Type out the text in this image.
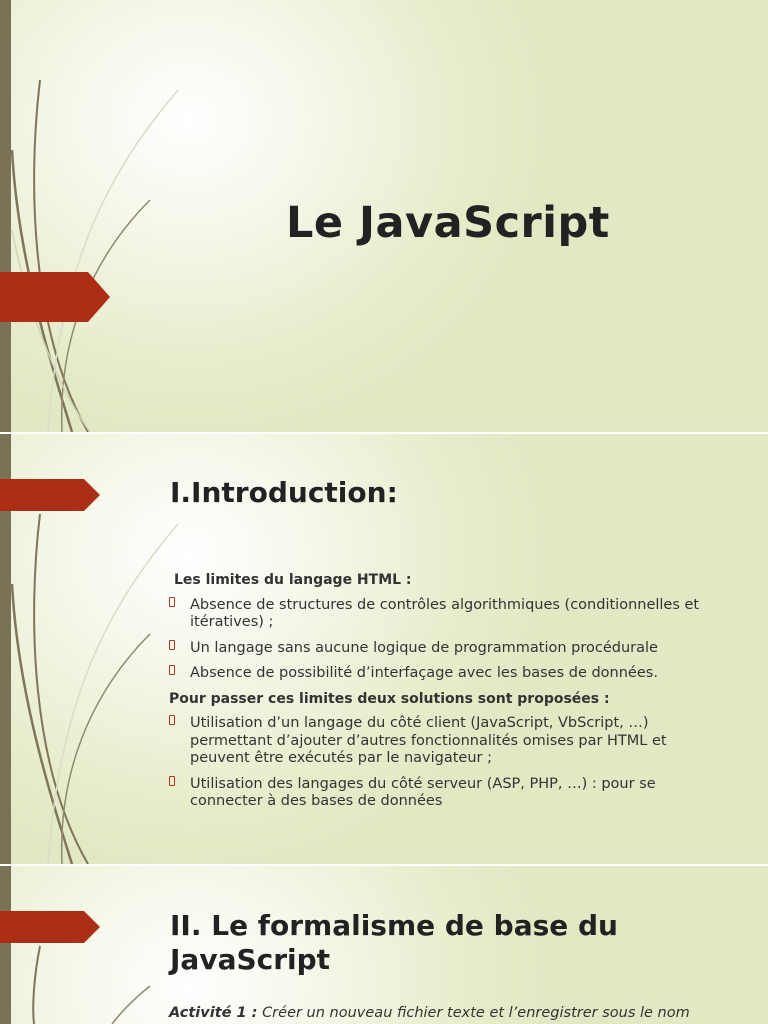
Le JavaScript
I.Introduction:

Les limites du langage HTML :

Absence de structures de contrôles algorithmiques (conditionnelles et itératives) ;
Un langage sans aucune logique de programmation procédurale
Absence de possibilité d’interfaçage avec les bases de données.

Pour passer ces limites deux solutions sont proposées :

Utilisation d’un langage du côté client (JavaScript, VbScript, …) permettant d’ajouter d’autres fonctionnalités omises par HTML et peuvent être exécutés par le navigateur ;
Utilisation des langages du côté serveur (ASP, PHP, …) : pour se connecter à des bases de données
II. Le formalisme de base du JavaScript
Activité 1 : Créer un nouveau fichier texte et l’enregistrer sous le nom
